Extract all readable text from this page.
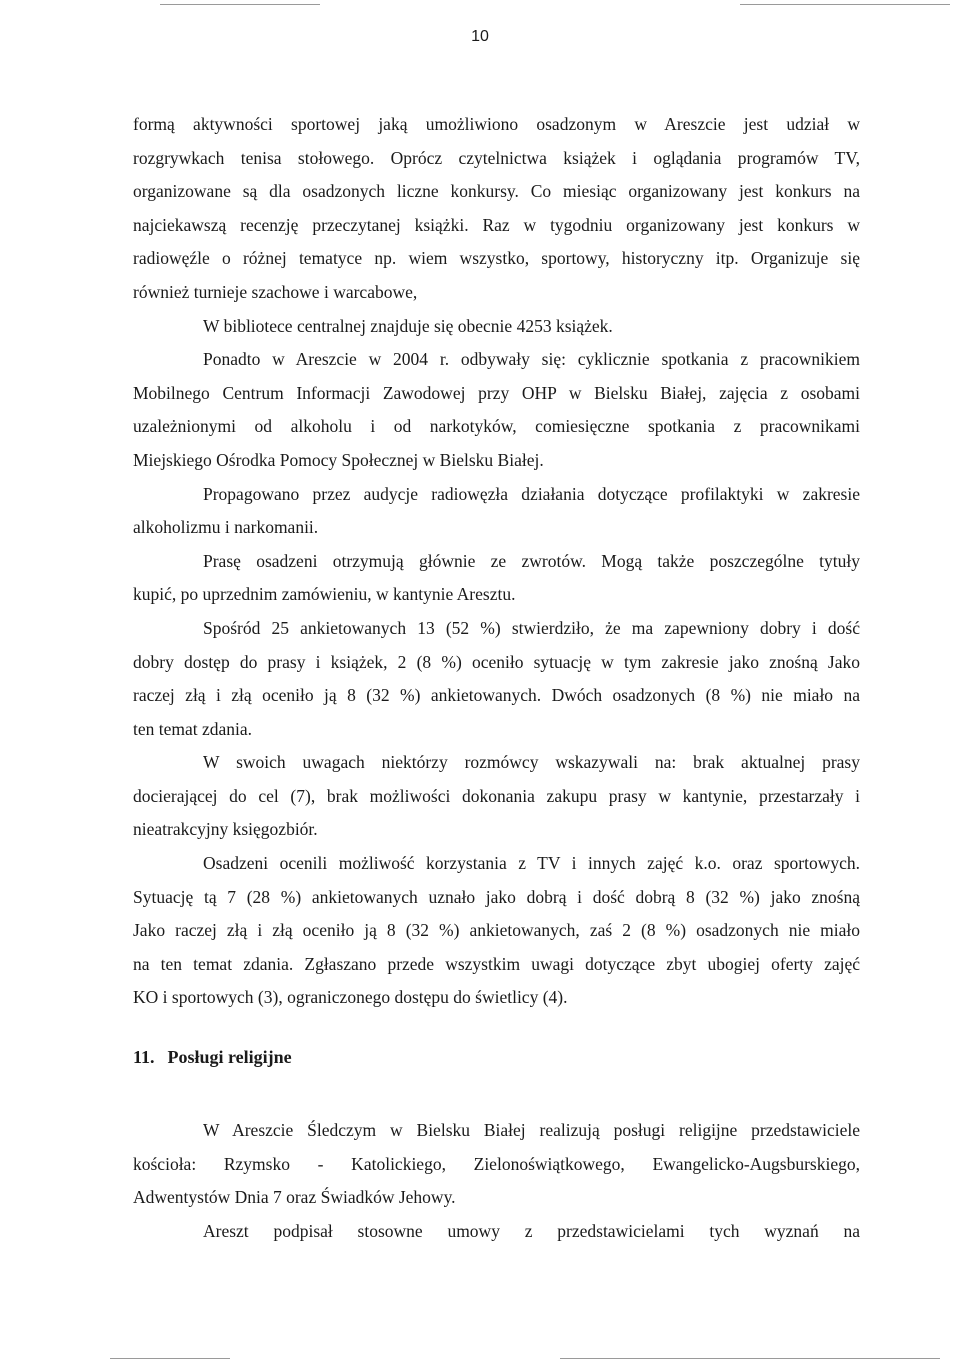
10
formą aktywności sportowej jaką umożliwiono osadzonym w Areszcie jest udział w
rozgrywkach tenisa stołowego. Oprócz czytelnictwa książek i oglądania programów TV,
organizowane są dla osadzonych liczne konkursy. Co miesiąc organizowany jest konkurs na
najciekawszą recenzję przeczytanej książki. Raz w tygodniu organizowany jest konkurs w
radiowęźle o różnej tematyce np. wiem wszystko, sportowy, historyczny itp. Organizuje się
również turnieje szachowe i warcabowe,
W bibliotece centralnej znajduje się obecnie 4253 książek.
Ponadto w Areszcie w 2004 r. odbywały się: cyklicznie spotkania z pracownikiem
Mobilnego Centrum Informacji Zawodowej przy OHP w Bielsku Białej, zajęcia z osobami
uzależnionymi od alkoholu i od narkotyków, comiesięczne spotkania z pracownikami
Miejskiego Ośrodka Pomocy Społecznej w Bielsku Białej.
Propagowano przez audycje radiowęzła działania dotyczące profilaktyki w zakresie
alkoholizmu i narkomanii.
Prasę osadzeni otrzymują głównie ze zwrotów. Mogą także poszczególne tytuły
kupić, po uprzednim zamówieniu, w kantynie Aresztu.
Spośród 25 ankietowanych 13 (52 %) stwierdziło, że ma zapewniony dobry i dość
dobry dostęp do prasy i książek, 2 (8 %) oceniło sytuację w tym zakresie jako znośną Jako
raczej złą i złą oceniło ją 8 (32 %) ankietowanych. Dwóch osadzonych (8 %) nie miało na
ten temat zdania.
W swoich uwagach niektórzy rozmówcy wskazywali na: brak aktualnej prasy
docierającej do cel (7), brak możliwości dokonania zakupu prasy w kantynie, przestarzały i
nieatrakcyjny księgozbiór.
Osadzeni ocenili możliwość korzystania z TV i innych zajęć k.o. oraz sportowych.
Sytuację tą 7 (28 %) ankietowanych uznało jako dobrą i dość dobrą 8 (32 %) jako znośną
Jako raczej złą i złą oceniło ją 8 (32 %) ankietowanych, zaś 2 (8 %) osadzonych nie miało
na ten temat zdania. Zgłaszano przede wszystkim uwagi dotyczące zbyt ubogiej oferty zajęć
KO i sportowych (3), ograniczonego dostępu do świetlicy (4).
11. Posługi religijne
W Areszcie Śledczym w Bielsku Białej realizują posługi religijne przedstawiciele
kościoła: Rzymsko - Katolickiego, Zielonoświątkowego, Ewangelicko-Augsburskiego,
Adwentystów Dnia 7 oraz Świadków Jehowy.
Areszt podpisał stosowne umowy z przedstawicielami tych wyznań na
